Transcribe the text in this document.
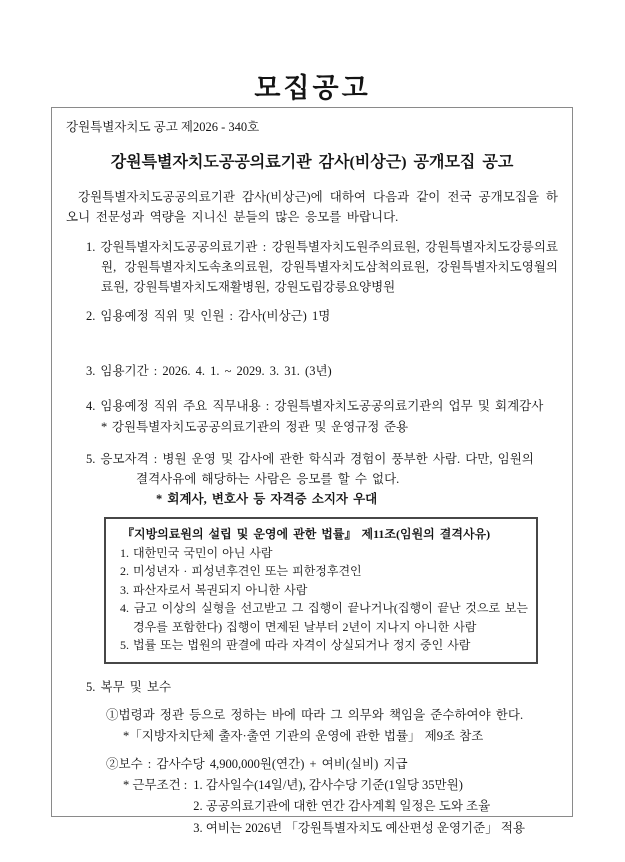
모집공고
강원특별자치도 공고 제2026 - 340호
강원특별자치도공공의료기관 감사(비상근) 공개모집 공고
강원특별자치도공공의료기관 감사(비상근)에 대하여 다음과 같이 전국 공개모집을 하오니 전문성과 역량을 지니신 분들의 많은 응모를 바랍니다.
1. 강원특별자치도공공의료기관 : 강원특별자치도원주의료원, 강원특별자치도강릉의료원, 강원특별자치도속초의료원, 강원특별자치도삼척의료원, 강원특별자치도영월의료원, 강원특별자치도재활병원, 강원도립강릉요양병원
2. 임용예정 직위 및 인원 : 감사(비상근) 1명
3. 임용기간 : 2026. 4. 1. ~ 2029. 3. 31. (3년)
4. 임용예정 직위 주요 직무내용 : 강원특별자치도공공의료기관의 업무 및 회계감사
* 강원특별자치도공공의료기관의 정관 및 운영규정 준용
5. 응모자격 : 병원 운영 및 감사에 관한 학식과 경험이 풍부한 사람. 다만, 임원의
결격사유에 해당하는 사람은 응모를 할 수 없다.
* 회계사, 변호사 등 자격증 소지자 우대
『지방의료원의 설립 및 운영에 관한 법률』 제11조(임원의 결격사유)
1. 대한민국 국민이 아닌 사람
2. 미성년자 · 피성년후견인 또는 피한정후견인
3. 파산자로서 복권되지 아니한 사람
4. 금고 이상의 실형을 선고받고 그 집행이 끝나거나(집행이 끝난 것으로 보는 경우를 포함한다) 집행이 면제된 날부터 2년이 지나지 아니한 사람
5. 법률 또는 법원의 판결에 따라 자격이 상실되거나 정지 중인 사람
5. 복무 및 보수
①법령과 정관 등으로 정하는 바에 따라 그 의무와 책임을 준수하여야 한다.
*「지방자치단체 출자·출연 기관의 운영에 관한 법률」 제9조 참조
②보수 : 감사수당 4,900,000원(연간) + 여비(실비) 지급
* 근무조건 : 1. 감사일수(14일/년), 감사수당 기준(1일당 35만원)
2. 공공의료기관에 대한 연간 감사계획 일정은 도와 조율
3. 여비는 2026년 「강원특별자치도 예산편성 운영기준」 적용
